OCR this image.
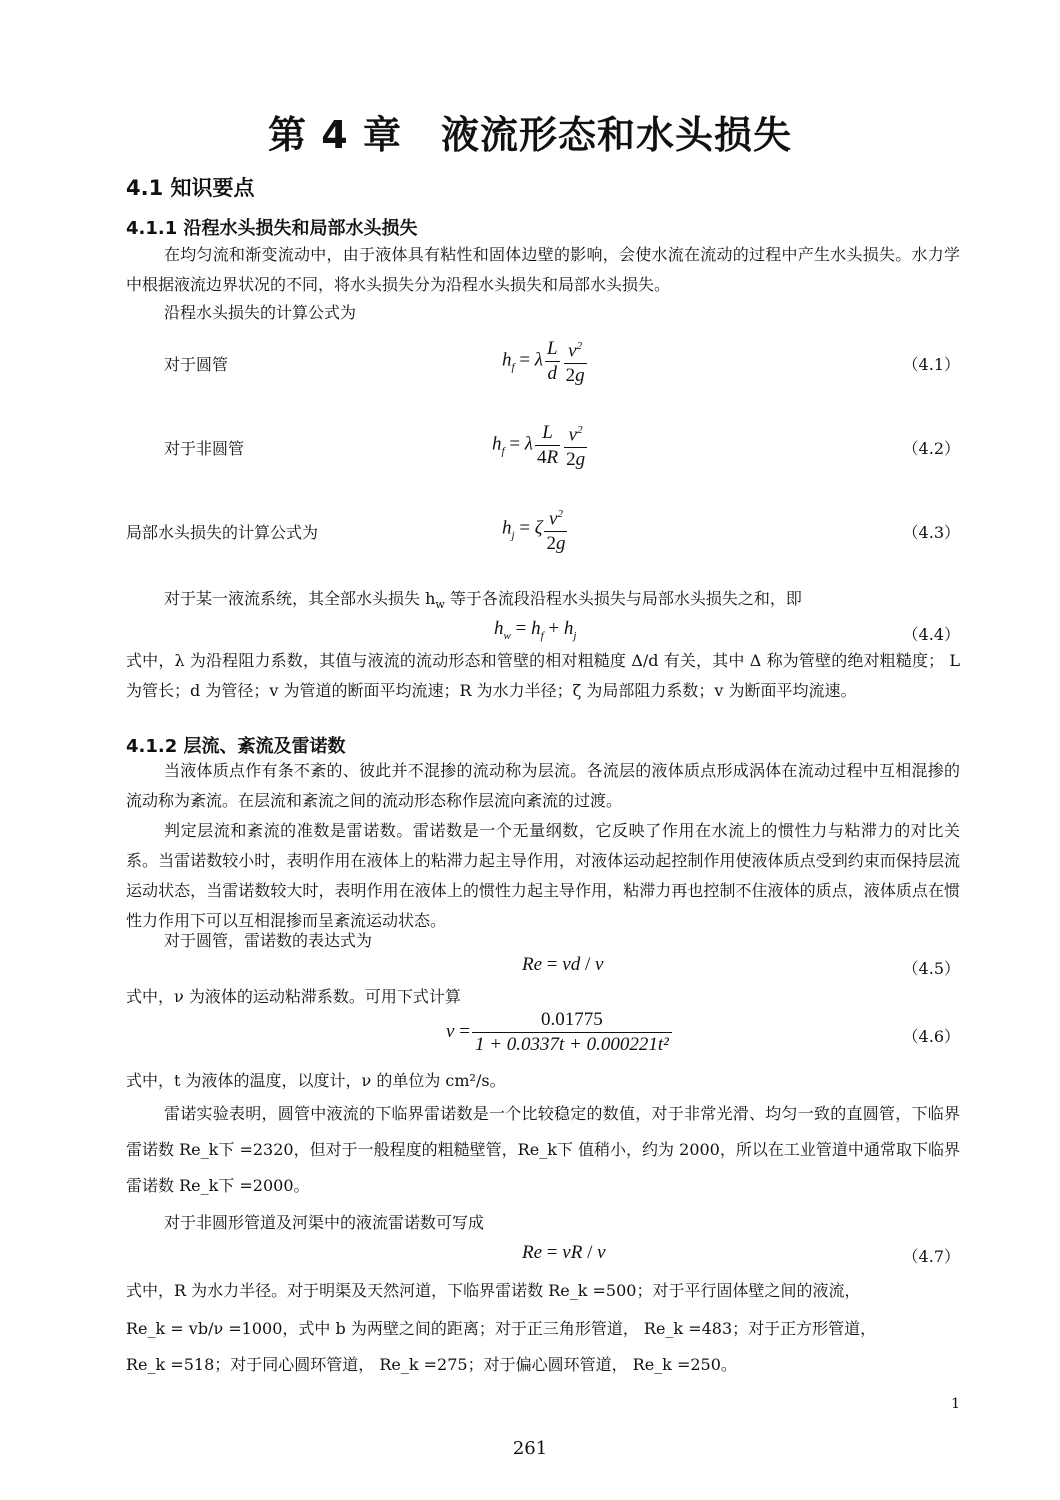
第 4 章　液流形态和水头损失
4.1 知识要点
4.1.1 沿程水头损失和局部水头损失
在均匀流和渐变流动中，由于液体具有粘性和固体边壁的影响，会使水流在流动的过程中产生水头损失。水力学中根据液流边界状况的不同，将水头损失分为沿程水头损失和局部水头损失。
沿程水头损失的计算公式为
对于圆管	$h_f = \lambda \frac{L}{d} \frac{v^2}{2g}$	（4.1）
对于非圆管	$h_f = \lambda \frac{L}{4R} \frac{v^2}{2g}$	（4.2）
局部水头损失的计算公式为	$h_j = \zeta \frac{v^2}{2g}$	（4.3）
对于某一液流系统，其全部水头损失 $h_w$ 等于各流段沿程水头损失与局部水头损失之和，即
$h_w = h_f + h_j$	（4.4）
式中，λ 为沿程阻力系数，其值与液流的流动形态和管壁的相对粗糙度 Δ/d 有关，其中 Δ 称为管壁的绝对粗糙度； L 为管长；d 为管径；v 为管道的断面平均流速；R 为水力半径；ζ 为局部阻力系数；v 为断面平均流速。
4.1.2 层流、紊流及雷诺数
当液体质点作有条不紊的、彼此并不混掺的流动称为层流。各流层的液体质点形成涡体在流动过程中互相混掺的流动称为紊流。在层流和紊流之间的流动形态称作层流向紊流的过渡。
判定层流和紊流的准数是雷诺数。雷诺数是一个无量纲数，它反映了作用在水流上的惯性力与粘滞力的对比关系。当雷诺数较小时，表明作用在液体上的粘滞力起主导作用，对液体运动起控制作用使液体质点受到约束而保持层流运动状态，当雷诺数较大时，表明作用在液体上的惯性力起主导作用，粘滞力再也控制不住液体的质点，液体质点在惯性力作用下可以互相混掺而呈紊流运动状态。
对于圆管，雷诺数的表达式为
Re = vd / ν	（4.5）
式中，ν 为液体的运动粘滞系数。可用下式计算
$\nu = \frac{0.01775}{\text{1 + 0.0337t + 0.000221t²}}$	（4.6）
式中，t 为液体的温度，以度计，ν 的单位为 cm²/s。
雷诺实验表明，圆管中液流的下临界雷诺数是一个比较稳定的数值，对于非常光滑、均匀一致的直圆管，下临界雷诺数 Re_k下 =2320，但对于一般程度的粗糙壁管，Re_k下 值稍小，约为 2000，所以在工业管道中通常取下临界雷诺数 Re_k下 =2000。
对于非圆形管道及河渠中的液流雷诺数可写成
Re = vR / ν	（4.7）
式中，R 为水力半径。对于明渠及天然河道，下临界雷诺数 Re_k =500；对于平行固体壁之间的液流，
Re_k = vb/ν =1000，式中 b 为两壁之间的距离；对于正三角形管道， Re_k =483；对于正方形管道，
Re_k =518；对于同心圆环管道， Re_k =275；对于偏心圆环管道， Re_k =250。
1
261
